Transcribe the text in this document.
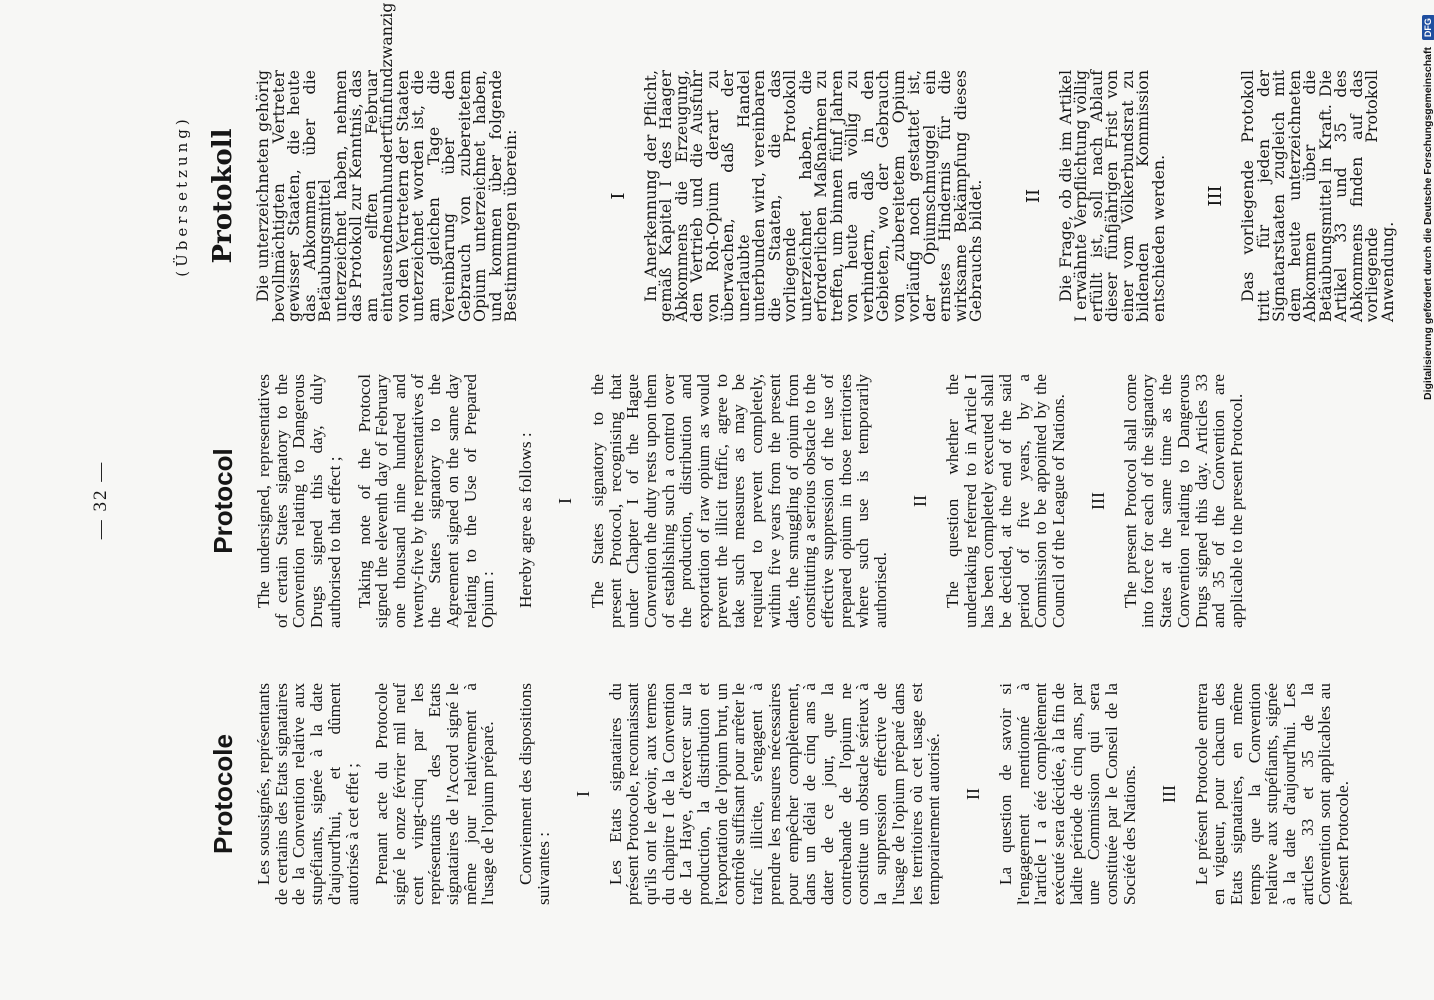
— 32 —
Protocole Les soussignés, représentants de certains des Etats signataires de la Convention relative aux stupéfiants, signée à la date d'aujourd'hui, et dûment autorisés à cet effet ; Prenant acte du Protocole signé le onze février mil neuf cent vingt-cinq par les représentants des Etats signataires de l'Accord signé le même jour relativement à l'usage de l'opium préparé. Conviennent des dispositions suivantes :

I Les Etats signataires du présent Protocole, reconnaissant qu'ils ont le devoir, aux termes du chapitre I de la Convention de La Haye, d'exercer sur la production, la distribution et l'exportation de l'opium brut, un contrôle suffisant pour arrêter le trafic illicite, s'engagent à prendre les mesures nécessaires pour empêcher complètement, dans un délai de cinq ans à dater de ce jour, que la contrebande de l'opium ne constitue un obstacle sérieux à la suppression effective de l'usage de l'opium préparé dans les territoires où cet usage est temporairement autorisé. II La question de savoir si l'engagement mentionné à l'article I a été complètement exécuté sera décidée, à la fin de ladite période de cinq ans, par une Commission qui sera constituée par le Conseil de la Société des Nations. III Le présent Protocole entrera en vigueur, pour chacun des Etats signataires, en même temps que la Convention relative aux stupéfiants, signée à la date d'aujourd'hui. Les articles 33 et 35 de la Convention sont applicables au présent Protocole.

Protocol The undersigned, representatives of certain States signatory to the Convention relating to Dangerous Drugs signed this day, duly authorised to that effect ; Taking note of the Protocol signed the eleventh day of February one thousand nine hundred and twenty-five by the representatives of the States signatory to the Agreement signed on the same day relating to the Use of Prepared Opium : Hereby agree as follows : I The States signatory to the present Protocol, recognising that under Chapter I of the Hague Convention the duty rests upon them of establishing such a control over the production, distribution and exportation of raw opium as would prevent the illicit traffic, agree to take such measures as may be required to prevent completely, within five years from the present date, the smuggling of opium from constituting a serious obstacle to the effective suppression of the use of prepared opium in those territories where such use is temporarily authorised.

II The question whether the undertaking referred to in Article I has been completely executed shall be decided, at the end of the said period of five years, by a Commission to be appointed by the Council of the League of Nations. III The present Protocol shall come into force for each of the signatory States at the same time as the Convention relating to Dangerous Drugs signed this day. Articles 33 and 35 of the Convention are applicable to the present Protocol.

(Übersetzung) Protokoll Die unterzeichneten gehörig bevollmächtigten Vertreter gewisser Staaten, die heute das Abkommen über die Betäubungsmittel unterzeichnet haben, nehmen das Protokoll zur Kenntnis, das am elften Februar eintausendneunhundertfünfundzwanzig von den Vertretern der Staaten unterzeichnet worden ist, die am gleichen Tage die Vereinbarung über den Gebrauch von zubereitetem Opium unterzeichnet haben, und kommen über folgende Bestimmungen überein:	I In Anerkennung der Pflicht, gemäß Kapitel I des Haager Abkommens die Erzeugung, den Vertrieb und die Ausfuhr von Roh-Opium derart zu überwachen, daß der unerlaubte Handel unterbunden wird, vereinbaren die Staaten, die das vorliegende Protokoll unterzeichnet haben, die erforderlichen Maßnahmen zu treffen, um binnen fünf Jahren von heute an völlig zu verhindern, daß in den Gebieten, wo der Gebrauch von zubereitetem Opium vorläufig noch gestattet ist, der Opiumschmuggel ein ernstes Hindernis für die wirksame Bekämpfung dieses Gebrauchs bildet. II Die Frage, ob die im Artikel I erwähnte Verpflichtung völlig erfüllt ist, soll nach Ablauf dieser fünfjährigen Frist von einer vom Völkerbundsrat zu bildenden Kommission entschieden werden. III Das vorliegende Protokoll tritt für jeden der Signatarstaaten zugleich mit dem heute unterzeichneten Abkommen über die Betäubungsmittel in Kraft. Die Artikel 33 und 35 des Abkommens finden auf das vorliegende Protokoll Anwendung.	Digitalisierung gefördert durch die Deutsche Forschungsgemeinschaft DFG
